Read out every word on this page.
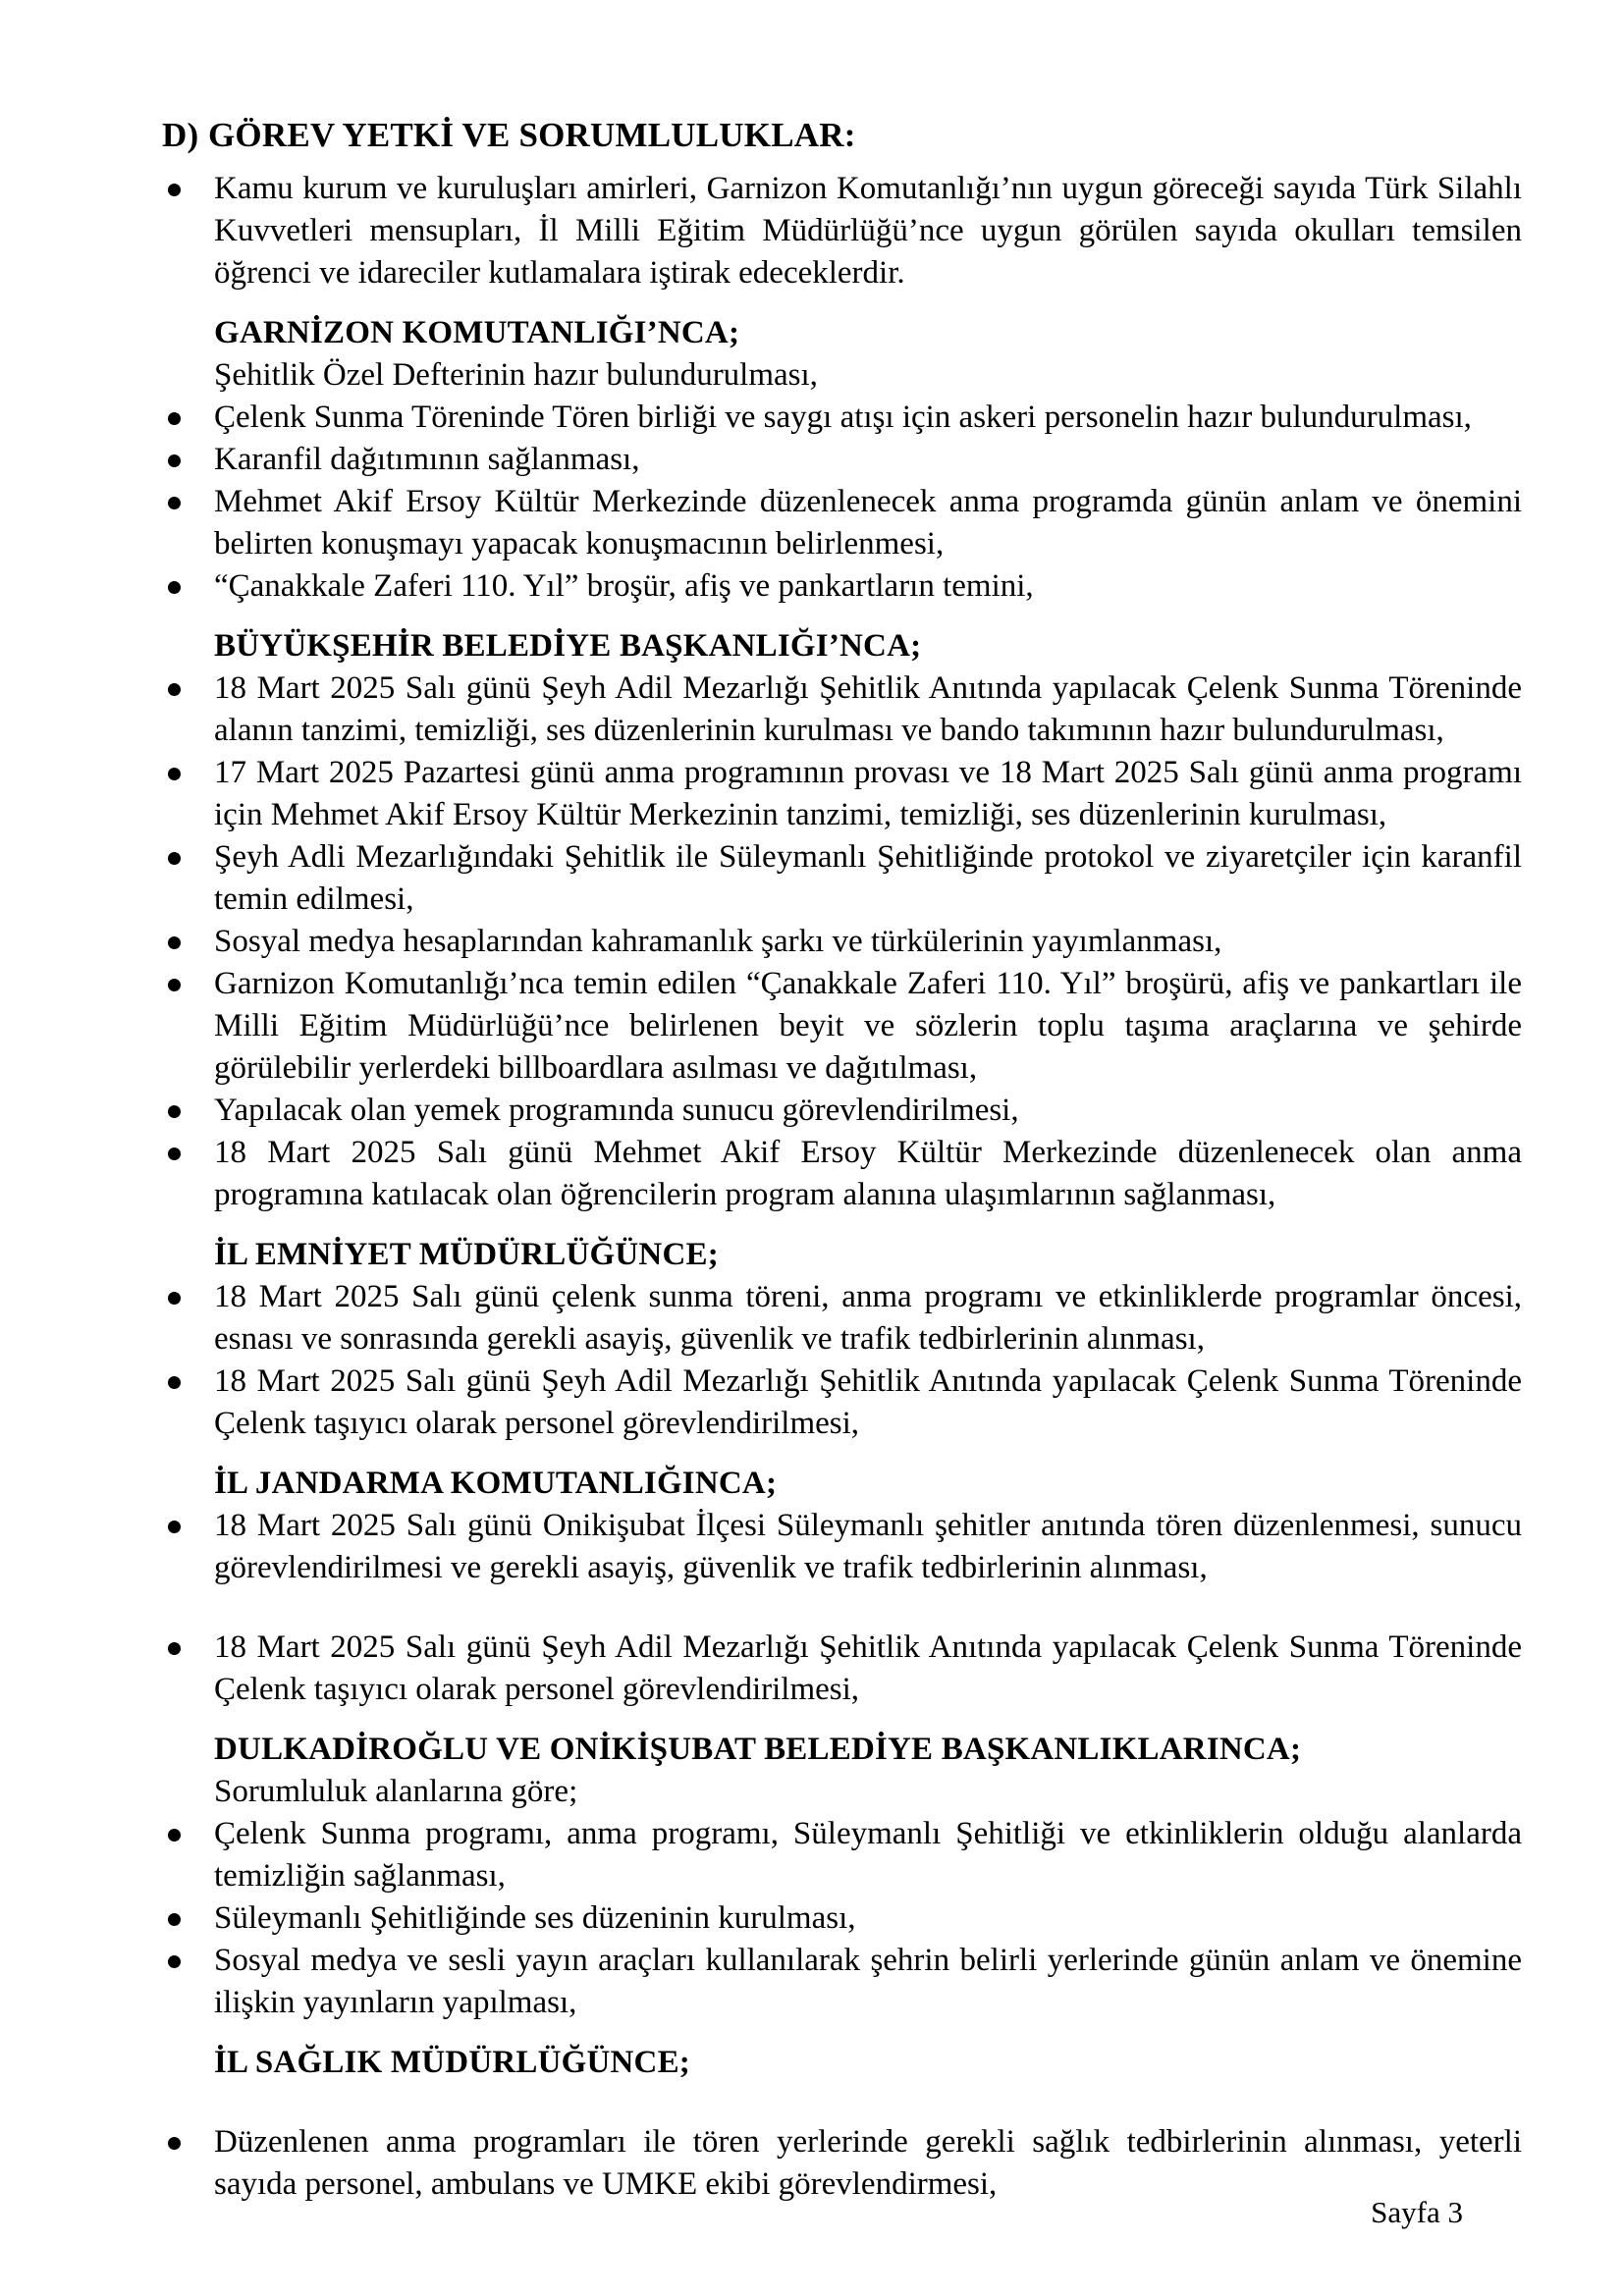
D) GÖREV YETKİ VE SORUMLULUKLAR:
Kamu kurum ve kuruluşları amirleri, Garnizon Komutanlığı’nın uygun göreceği sayıda Türk Silahlı Kuvvetleri mensupları, İl Milli Eğitim Müdürlüğü’nce uygun görülen sayıda okulları temsilen öğrenci ve idareciler kutlamalara iştirak edeceklerdir.
GARNİZON KOMUTANLIĞI’NCA;

Şehitlik Özel Defterinin hazır bulundurulması,

Çelenk Sunma Töreninde Tören birliği ve saygı atışı için askeri personelin hazır bulundurulması,
Karanfil dağıtımının sağlanması,
Mehmet Akif Ersoy Kültür Merkezinde düzenlenecek anma programda günün anlam ve önemini belirten konuşmayı yapacak konuşmacının belirlenmesi,
“Çanakkale Zaferi 110. Yıl” broşür, afiş ve pankartların temini,
BÜYÜKŞEHİR BELEDİYE BAŞKANLIĞI’NCA;
18 Mart 2025 Salı günü Şeyh Adil Mezarlığı Şehitlik Anıtında yapılacak Çelenk Sunma Töreninde alanın tanzimi, temizliği, ses düzenlerinin kurulması ve bando takımının hazır bulundurulması,
17 Mart 2025 Pazartesi günü anma programının provası ve 18 Mart 2025 Salı günü anma programı için Mehmet Akif Ersoy Kültür Merkezinin tanzimi, temizliği, ses düzenlerinin kurulması,
Şeyh Adli Mezarlığındaki Şehitlik ile Süleymanlı Şehitliğinde protokol ve ziyaretçiler için karanfil temin edilmesi,
Sosyal medya hesaplarından kahramanlık şarkı ve türkülerinin yayımlanması,
Garnizon Komutanlığı’nca temin edilen “Çanakkale Zaferi 110. Yıl” broşürü, afiş ve pankartları ile Milli Eğitim Müdürlüğü’nce belirlenen beyit ve sözlerin toplu taşıma araçlarına ve şehirde görülebilir yerlerdeki billboardlara asılması ve dağıtılması,
Yapılacak olan yemek programında sunucu görevlendirilmesi,
18 Mart 2025 Salı günü Mehmet Akif Ersoy Kültür Merkezinde düzenlenecek olan anma programına katılacak olan öğrencilerin program alanına ulaşımlarının sağlanması,
İL EMNİYET MÜDÜRLÜĞÜNCE;
18 Mart 2025 Salı günü çelenk sunma töreni, anma programı ve etkinliklerde programlar öncesi, esnası ve sonrasında gerekli asayiş, güvenlik ve trafik tedbirlerinin alınması,
18 Mart 2025 Salı günü Şeyh Adil Mezarlığı Şehitlik Anıtında yapılacak Çelenk Sunma Töreninde Çelenk taşıyıcı olarak personel görevlendirilmesi,
İL JANDARMA KOMUTANLIĞINCA;
18 Mart 2025 Salı günü Onikişubat İlçesi Süleymanlı şehitler anıtında tören düzenlenmesi, sunucu görevlendirilmesi ve gerekli asayiş, güvenlik ve trafik tedbirlerinin alınması,
18 Mart 2025 Salı günü Şeyh Adil Mezarlığı Şehitlik Anıtında yapılacak Çelenk Sunma Töreninde Çelenk taşıyıcı olarak personel görevlendirilmesi,
DULKADİROĞLU VE ONİKİŞUBAT BELEDİYE BAŞKANLIKLARINCA;

Sorumluluk alanlarına göre;

Çelenk Sunma programı, anma programı, Süleymanlı Şehitliği ve etkinliklerin olduğu alanlarda temizliğin sağlanması,
Süleymanlı Şehitliğinde ses düzeninin kurulması,
Sosyal medya ve sesli yayın araçları kullanılarak şehrin belirli yerlerinde günün anlam ve önemine ilişkin yayınların yapılması,
İL SAĞLIK MÜDÜRLÜĞÜNCE;
Düzenlenen anma programları ile tören yerlerinde gerekli sağlık tedbirlerinin alınması, yeterli sayıda personel, ambulans ve UMKE ekibi görevlendirmesi,
Sayfa 3
